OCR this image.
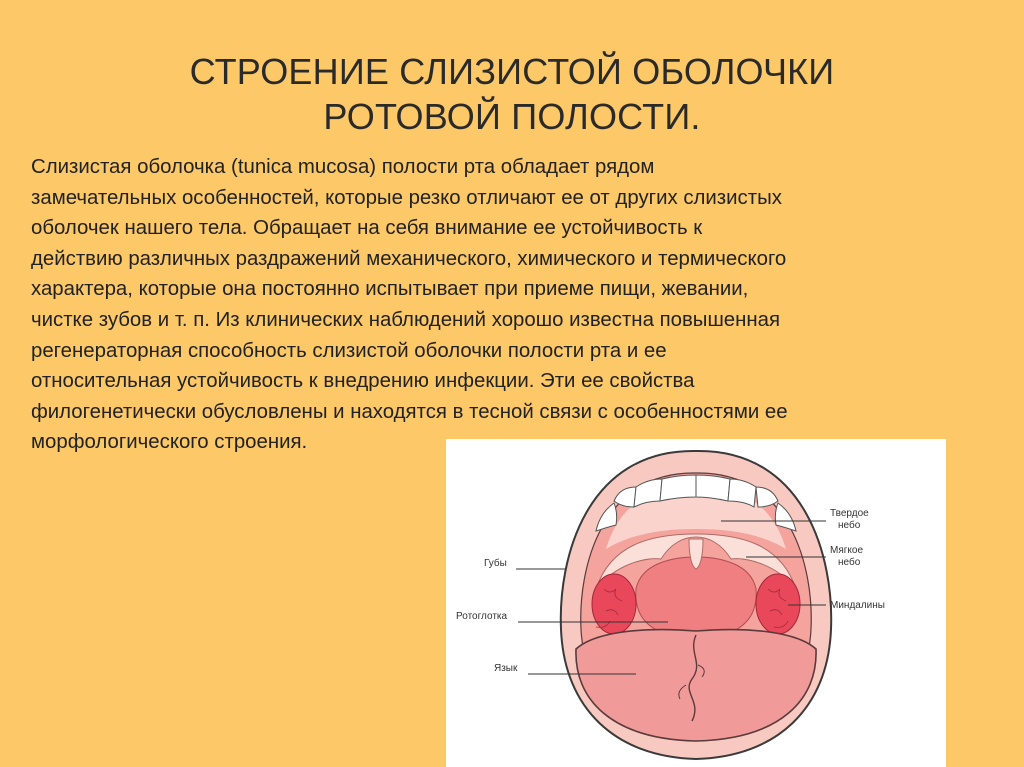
СТРОЕНИЕ СЛИЗИСТОЙ ОБОЛОЧКИ
РОТОВОЙ ПОЛОСТИ.
Слизистая оболочка (tunica mucosa) полости рта обладает рядом
замечательных особенностей, которые резко отличают ее от других слизистых
оболочек нашего тела. Обращает на себя внимание ее устойчивость к
действию различных раздражений механического, химического и термического
характера, которые она постоянно испытывает при приеме пищи, жевании,
чистке зубов и т. п. Из клинических наблюдений хорошо известна повышенная
регенераторная способность слизистой оболочки полости рта и ее
относительная устойчивость к внедрению инфекции. Эти ее свойства
филогенетически обусловлены и находятся в тесной связи с особенностями ее
морфологического строения.
Твердое
небо
Мягкое
небо
Миндалины
Губы
Ротоглотка
Язык
